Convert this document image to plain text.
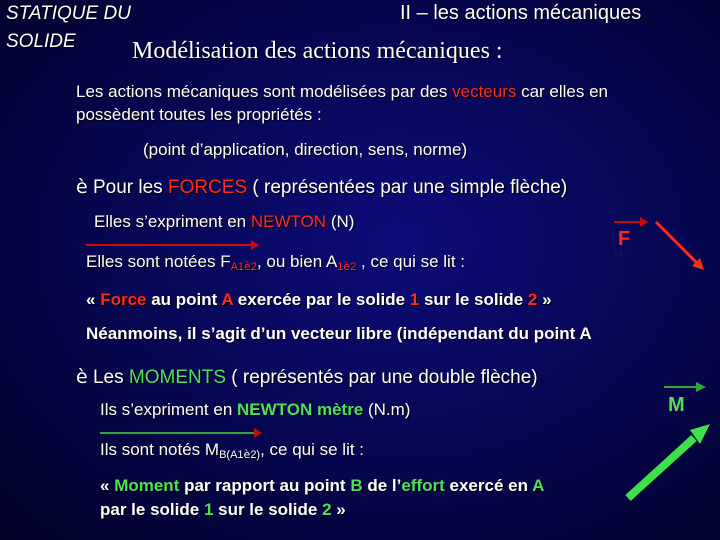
STATIQUE DU
SOLIDE
II – les actions mécaniques
Modélisation des actions mécaniques :
Les actions mécaniques sont modélisées par des vecteurs car elles en
possèdent toutes les propriétés :
(point d’application, direction, sens, norme)
è Pour les FORCES ( représentées par une simple flèche)
Elles s’expriment en NEWTON (N)
Elles sont notées $F_{A1è2}$, ou bien $A_{1è2}$ , ce qui se lit :
« Force au point A exercée par le solide 1 sur le solide 2 »
Néanmoins, il s’agit d’un vecteur libre (indépendant du point A
è Les MOMENTS ( représentés par une double flèche)
Ils s’expriment en NEWTON mètre (N.m)
Ils sont notés $M_{B(A1è2)}$, ce qui se lit :
« Moment par rapport au point B de l’effort exercé en A
par le solide 1 sur le solide 2 »
F
M
